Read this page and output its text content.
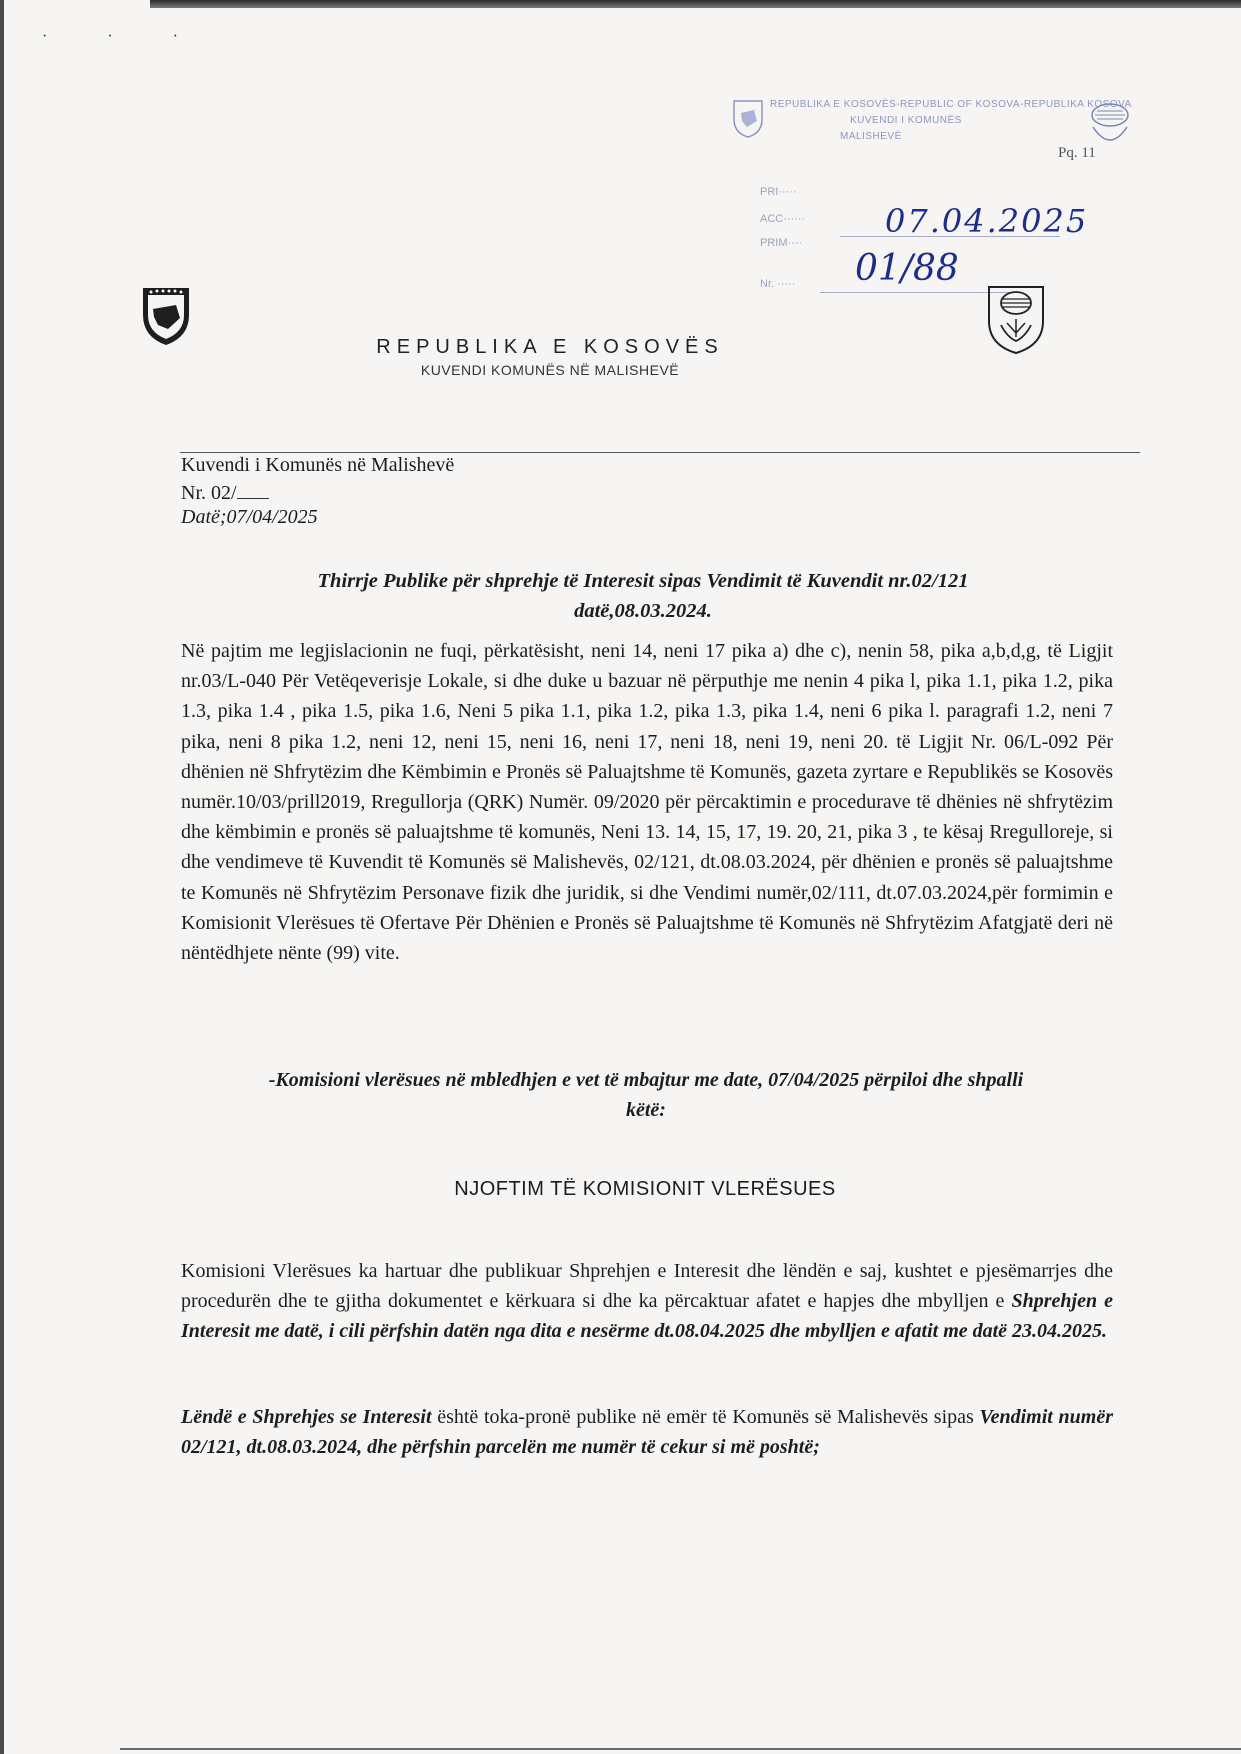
· · ·
REPUBLIKA E KOSOVËS-REPUBLIC OF KOSOVA-REPUBLIKA KOSOVA
KUVENDI I KOMUNËS
MALISHEVË
Pq. 11
PRI·····
ACC······
PRIM····
Nr. ·····
07.04.2025
01/88
REPUBLIKA E KOSOVËS
KUVENDI KOMUNËS NË MALISHEVË
Kuvendi i Komunës në Malishevë
Nr. 02/
Datë;07/04/2025
Thirrje Publike për shprehje të Interesit sipas Vendimit të Kuvendit nr.02/121
datë,08.03.2024.

Në pajtim me legjislacionin ne fuqi, përkatësisht, neni 14, neni 17 pika a) dhe c), nenin 58, pika a,b,d,g, të Ligjit nr.03/L-040 Për Vetëqeverisje Lokale, si dhe duke u bazuar në përputhje me nenin 4 pika l, pika 1.1, pika 1.2, pika 1.3, pika 1.4 , pika 1.5, pika 1.6, Neni 5 pika 1.1, pika 1.2, pika 1.3, pika 1.4, neni 6 pika l. paragrafi 1.2, neni 7 pika, neni 8 pika 1.2, neni 12, neni 15, neni 16, neni 17, neni 18, neni 19, neni 20. të Ligjit Nr. 06/L-092 Për dhënien në Shfrytëzim dhe Këmbimin e Pronës së Paluajtshme të Komunës, gazeta zyrtare e Republikës se Kosovës numër.10/03/prill2019, Rregullorja (QRK) Numër. 09/2020 për përcaktimin e procedurave të dhënies në shfrytëzim dhe këmbimin e pronës së paluajtshme të komunës, Neni 13. 14, 15, 17, 19. 20, 21, pika 3 , te kësaj Rregulloreje, si dhe vendimeve të Kuvendit të Komunës së Malishevës, 02/121, dt.08.03.2024, për dhënien e pronës së paluajtshme te Komunës në Shfrytëzim Personave fizik dhe juridik, si dhe Vendimi numër,02/111, dt.07.03.2024,për formimin e Komisionit Vlerësues të Ofertave Për Dhënien e Pronës së Paluajtshme të Komunës në Shfrytëzim Afatgjatë deri në nëntëdhjete nënte (99) vite.

-Komisioni vlerësues në mbledhjen e vet të mbajtur me date, 07/04/2025 përpiloi dhe shpalli
këtë:
NJOFTIM TË KOMISIONIT VLERËSUES

Komisioni Vlerësues ka hartuar dhe publikuar Shprehjen e Interesit dhe lëndën e saj, kushtet e pjesëmarrjes dhe procedurën dhe te gjitha dokumentet e kërkuara si dhe ka përcaktuar afatet e hapjes dhe mbylljen e Shprehjen e Interesit me datë, i cili përfshin datën nga dita e nesërme dt.08.04.2025 dhe mbylljen e afatit me datë 23.04.2025.

Lëndë e Shprehjes se Interesit është toka-pronë publike në emër të Komunës së Malishevës sipas Vendimit numër 02/121, dt.08.03.2024, dhe përfshin parcelën me numër të cekur si më poshtë;
